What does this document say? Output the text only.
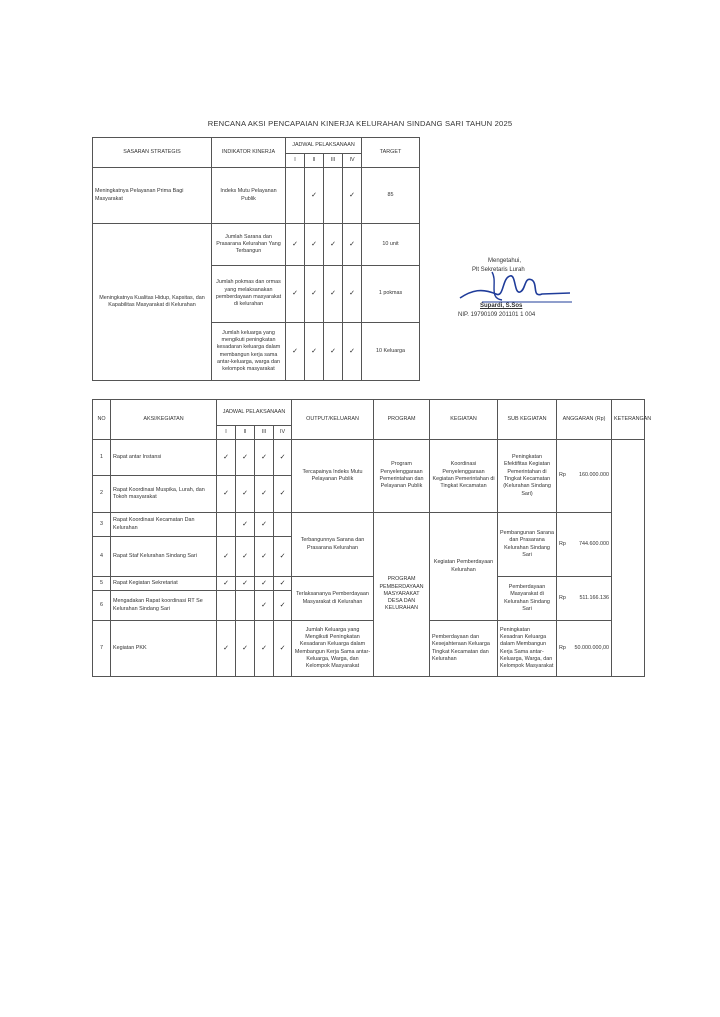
RENCANA AKSI PENCAPAIAN KINERJA KELURAHAN SINDANG SARI TAHUN 2025
SASARAN STRATEGIS	INDIKATOR KINERJA	JADWAL PELAKSANAAN				TARGET
		I	II	III	IV	
Meningkatnya Pelayanan Prima Bagi Masyarakat	Indeks Mutu Pelayanan Publik		✓		✓	85
Meningkatnya Kualitas Hidup, Kapsitas, dan Kapabilitas Masyarakat di Kelurahan	Jumlah Sarana dan Prasarana Kelurahan Yang Terbangun	✓	✓	✓	✓	10 unit
	Jumlah pokmas dan ormas yang melaksanakan pemberdayaan masyarakat di kelurahan	✓	✓	✓	✓	1 pokmas
	Jumlah keluarga yang mengikuti peningkatan kesadaran keluarga dalam membangun kerja sama antar-keluarga, warga dan kelompok masyarakat	✓	✓	✓	✓	10 Keluarga
Mengetahui,
Plt Sekretaris Lurah
Supardi, S.Sos
NIP. 19790109 201101 1 004
NO	AKSI/KEGIATAN	JADWAL PELAKSANAAN				OUTPUT/KELUARAN	PROGRAM	KEGIATAN	SUB KEGIATAN	ANGGARAN (Rp)	KETERANGAN
		I	II	III	IV						
1	Rapat antar Instansi	✓	✓	✓	✓	Tercapainya Indeks Mutu Pelayanan Publik	Program Penyelenggaraan Pemerintahan dan Pelayanan Publik	Koordinasi Penyelenggaraan Kegiatan Pemerintahan di Tingkat Kecamatan	Peningkatan Efektifitas Kegiatan Pemerintahan di Tingkat Kecamatan (Kelurahan Sindang Sari)	Rp 160.000.000	

2	Rapat Koordinasi Muspika, Lurah, dan Tokoh masyarakat	✓	✓	✓	✓						
3	Rapat Koordinasi Kecamatan Dan Kelurahan		✓	✓		Terbangunnya Sarana dan Prasarana Kelurahan	PROGRAM PEMBERDAYAAN MASYARAKAT DESA DAN KELURAHAN	Kegiatan Pemberdayaan Kelurahan	Pembangunan Sarana dan Prasarana Kelurahan Sindang Sari	Rp 744.600.000	

4	Rapat Staf Kelurahan Sindang Sari	✓	✓	✓	✓						
5	Rapat Kegiatan Sekretariat	✓	✓	✓	✓	Terlaksananya Pemberdayaan Masyarakat di Kelurahan			Pemberdayaan Masyarakat di Kelurahan Sindang Sari	Rp 511.166.136	

6	Mengadakan Rapat koordinasi RT Se Kelurahan Sindang Sari			✓	✓						
7	Kegiatan PKK	✓	✓	✓	✓	Jumlah Keluarga yang Mengikuti Peningkatan Kesadaran Keluarga dalam Membangun Kerja Sama antar-Keluarga, Warga, dan Kelompok Masyarakat		Pemberdayaan dan Kesejahteraan Keluarga Tingkat Kecamatan dan Kelurahan	Peningkatan Kesadran Keluarga dalam Membangun Kerja Sama antar-Keluarga, Warga, dan Kelompok Masyarakat	Rp 50.000.000,00	
